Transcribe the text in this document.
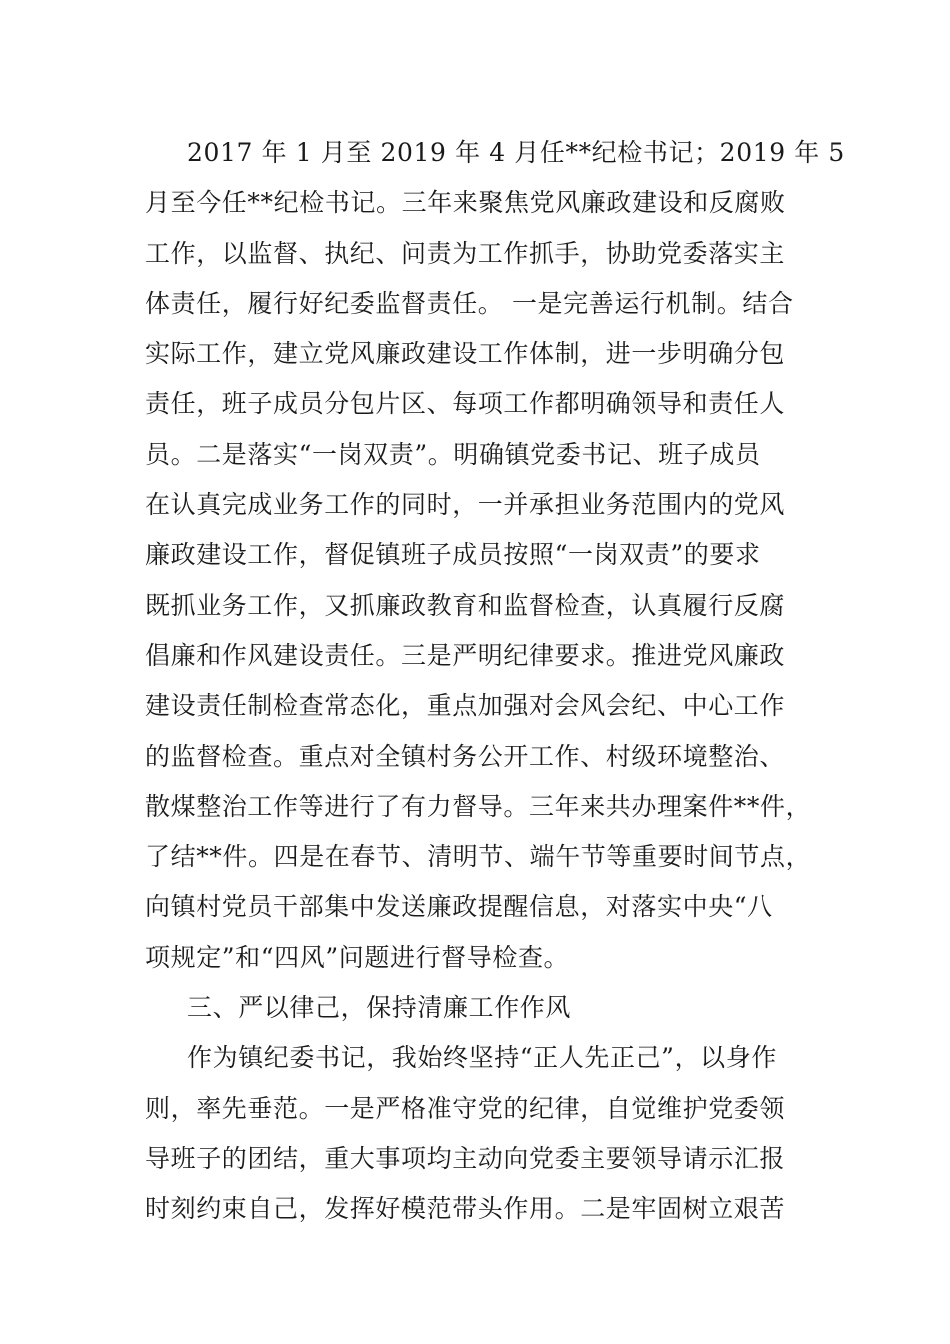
2017 年 1 月至 2019 年 4 月任**纪检书记；2019 年 5
月至今任**纪检书记。三年来聚焦党风廉政建设和反腐败
工作，以监督、执纪、问责为工作抓手，协助党委落实主
体责任，履行好纪委监督责任。 一是完善运行机制。结合
实际工作，建立党风廉政建设工作体制，进一步明确分包
责任，班子成员分包片区、每项工作都明确领导和责任人
员。二是落实“一岗双责”。明确镇党委书记、班子成员
在认真完成业务工作的同时，一并承担业务范围内的党风
廉政建设工作，督促镇班子成员按照“一岗双责”的要求
既抓业务工作，又抓廉政教育和监督检查，认真履行反腐
倡廉和作风建设责任。三是严明纪律要求。推进党风廉政
建设责任制检查常态化，重点加强对会风会纪、中心工作
的监督检查。重点对全镇村务公开工作、村级环境整治、
散煤整治工作等进行了有力督导。三年来共办理案件**件，
了结**件。四是在春节、清明节、端午节等重要时间节点，
向镇村党员干部集中发送廉政提醒信息，对落实中央“八
项规定”和“四风”问题进行督导检查。
三、严以律己，保持清廉工作作风
作为镇纪委书记，我始终坚持“正人先正己”，以身作
则，率先垂范。一是严格准守党的纪律，自觉维护党委领
导班子的团结，重大事项均主动向党委主要领导请示汇报
时刻约束自己，发挥好模范带头作用。二是牢固树立艰苦
